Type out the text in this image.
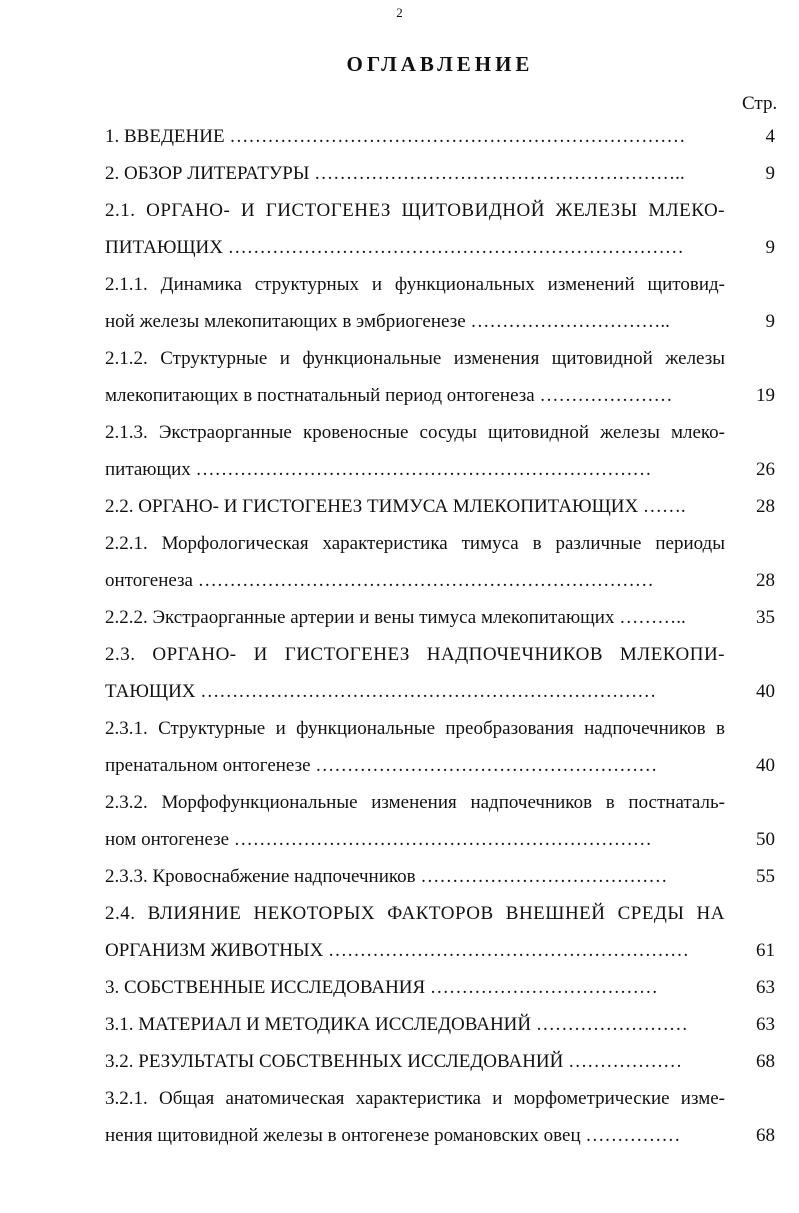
2
ОГЛАВЛЕНИЕ
Стр.
1. ВВЕДЕНИЕ ………………………………………………………………	4
2. ОБЗОР ЛИТЕРАТУРЫ …………………………………………………..	9
2.1. ОРГАНО- И ГИСТОГЕНЕЗ ЩИТОВИДНОЙ ЖЕЛЕЗЫ МЛЕКО-
ПИТАЮЩИХ ………………………………………………………………	9
2.1.1. Динамика структурных и функциональных изменений щитовид-
ной железы млекопитающих в эмбриогенезе …………………………..	9
2.1.2. Структурные и функциональные изменения щитовидной железы
млекопитающих в постнатальный период онтогенеза …………………	19
2.1.3. Экстраорганные кровеносные сосуды щитовидной железы млеко-
питающих ………………………………………………………………	26
2.2. ОРГАНО- И ГИСТОГЕНЕЗ ТИМУСА МЛЕКОПИТАЮЩИХ …….	28
2.2.1. Морфологическая характеристика тимуса в различные периоды
онтогенеза ………………………………………………………………	28
2.2.2. Экстраорганные артерии и вены тимуса млекопитающих ………..	35
2.3. ОРГАНО- И ГИСТОГЕНЕЗ НАДПОЧЕЧНИКОВ МЛЕКОПИ-
ТАЮЩИХ ………………………………………………………………	40
2.3.1. Структурные и функциональные преобразования надпочечников в
пренатальном онтогенезе ………………………………………………	40
2.3.2. Морфофункциональные изменения надпочечников в постнаталь-
ном онтогенезе …………………………………………………………	50
2.3.3. Кровоснабжение надпочечников …………………………………	55
2.4. ВЛИЯНИЕ НЕКОТОРЫХ ФАКТОРОВ ВНЕШНЕЙ СРЕДЫ НА
ОРГАНИЗМ ЖИВОТНЫХ …………………………………………………	61
3. СОБСТВЕННЫЕ ИССЛЕДОВАНИЯ ………………………………	63
3.1. МАТЕРИАЛ И МЕТОДИКА ИССЛЕДОВАНИЙ ……………………	63
3.2. РЕЗУЛЬТАТЫ СОБСТВЕННЫХ ИССЛЕДОВАНИЙ ………………	68
3.2.1. Общая анатомическая характеристика и морфометрические изме-
нения щитовидной железы в онтогенезе романовских овец ……………	68
